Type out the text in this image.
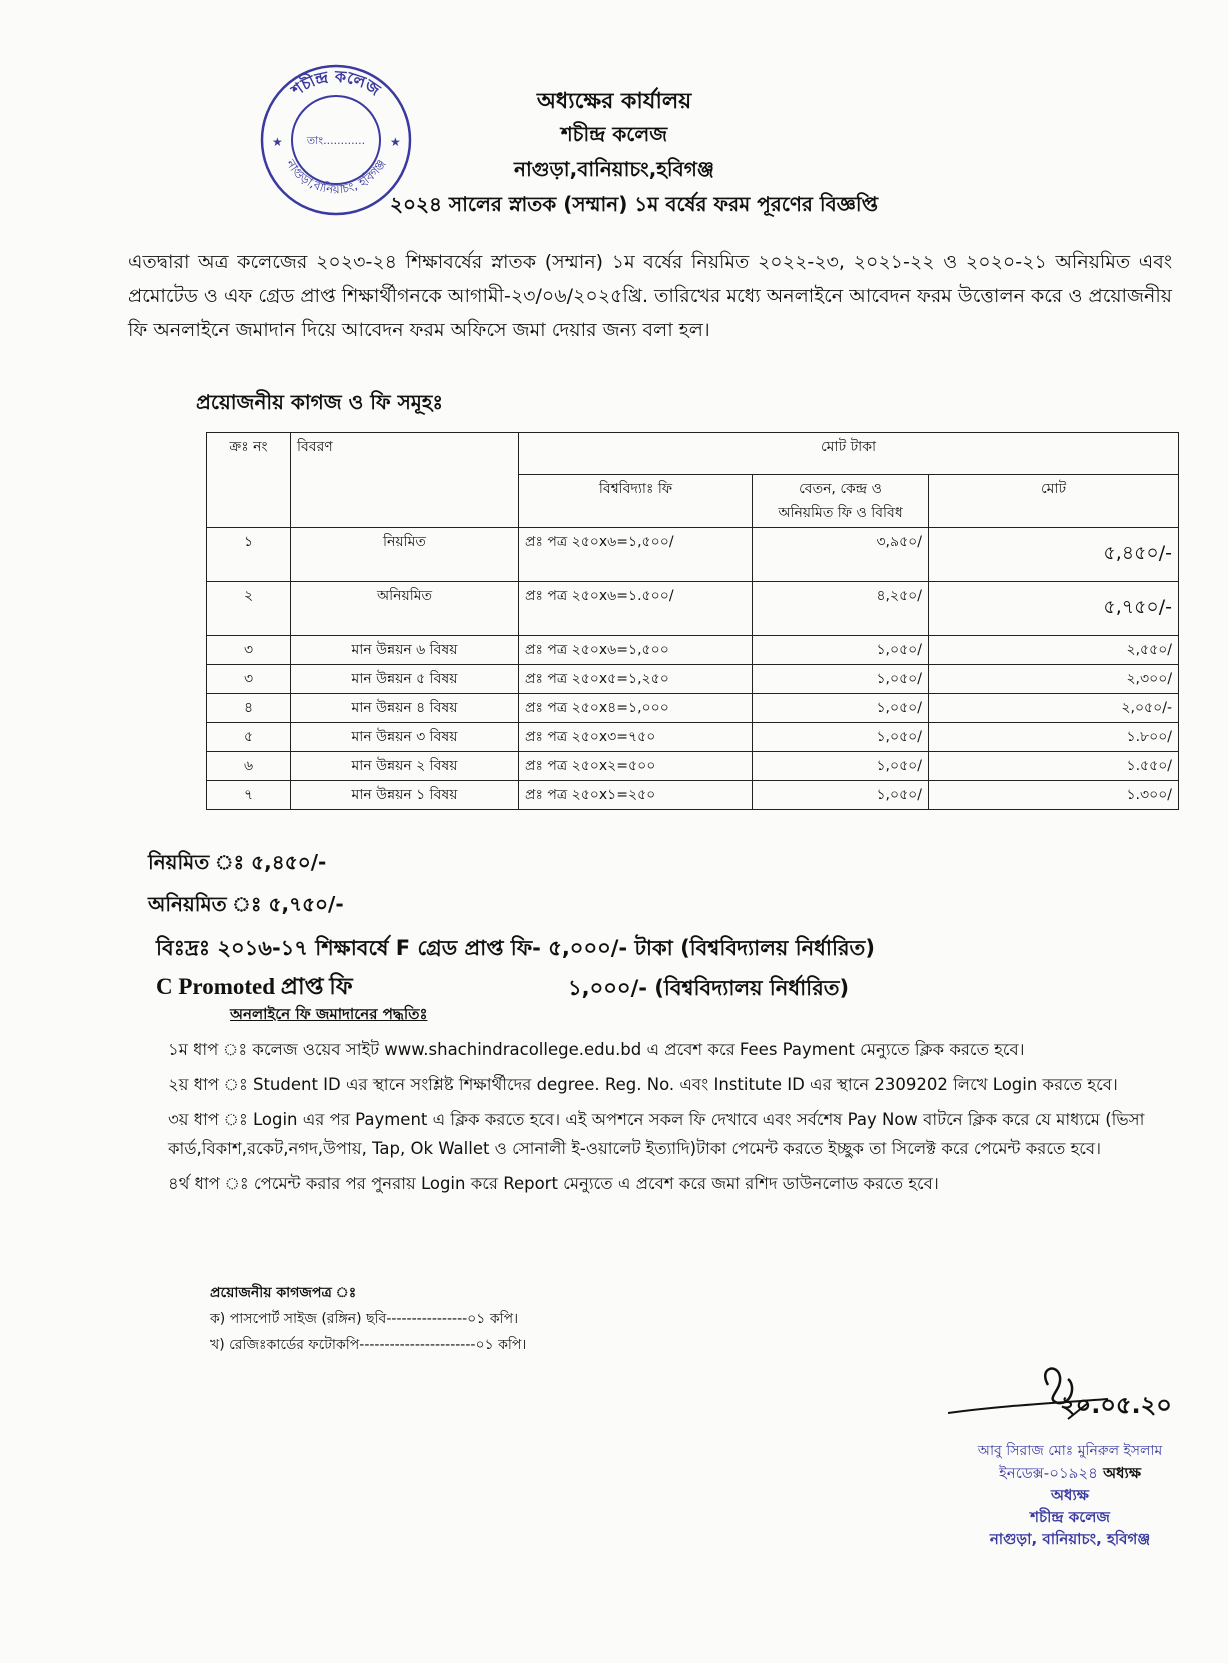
শচীন্দ্র কলেজ
নাগুড়া,বানিয়াচং, হবিগঞ্জ
তাং............
★	★
অধ্যক্ষের কার্যালয়
শচীন্দ্র কলেজ
নাগুড়া,বানিয়াচং,হবিগঞ্জ
২০২৪ সালের স্নাতক (সম্মান) ১ম বর্ষের ফরম পূরণের বিজ্ঞপ্তি
এতদ্বারা অত্র কলেজের ২০২৩-২৪ শিক্ষাবর্ষের স্নাতক (সম্মান) ১ম বর্ষের নিয়মিত ২০২২-২৩, ২০২১-২২ ও ২০২০-২১ অনিয়মিত এবং প্রমোটেড ও এফ গ্রেড প্রাপ্ত শিক্ষার্থীগনকে আগামী-২৩/০৬/২০২৫খ্রি. তারিখের মধ্যে অনলাইনে আবেদন ফরম উত্তোলন করে ও প্রয়োজনীয় ফি অনলাইনে জমাদান দিয়ে আবেদন ফরম অফিসে জমা দেয়ার জন্য বলা হল।
প্রয়োজনীয় কাগজ ও ফি সমূহঃ
ক্রঃ নং	বিবরণ	মোট টাকা		
		বিশ্ববিদ্যাঃ ফি	বেতন, কেন্দ্র ও
অনিয়মিত ফি ও বিবিধ	মোট
১	নিয়মিত	প্রঃ পত্র ২৫০x৬=১,৫০০/	৩,৯৫০/	৫,৪৫০/-
২	অনিয়মিত	প্রঃ পত্র ২৫০x৬=১.৫০০/	৪,২৫০/	৫,৭৫০/-
৩	মান উন্নয়ন ৬ বিষয়	প্রঃ পত্র ২৫০x৬=১,৫০০	১,০৫০/	২,৫৫০/
৩	মান উন্নয়ন ৫ বিষয়	প্রঃ পত্র ২৫০x৫=১,২৫০	১,০৫০/	২,৩০০/
৪	মান উন্নয়ন ৪ বিষয়	প্রঃ পত্র ২৫০x৪=১,০০০	১,০৫০/	২,০৫০/-
৫	মান উন্নয়ন ৩ বিষয়	প্রঃ পত্র ২৫০x৩=৭৫০	১,০৫০/	১.৮০০/
৬	মান উন্নয়ন ২ বিষয়	প্রঃ পত্র ২৫০x২=৫০০	১,০৫০/	১.৫৫০/
৭	মান উন্নয়ন ১ বিষয়	প্রঃ পত্র ২৫০x১=২৫০	১,০৫০/	১.৩০০/
নিয়মিত ঃ ৫,৪৫০/-
অনিয়মিত ঃ ৫,৭৫০/-
বিঃদ্রঃ ২০১৬-১৭ শিক্ষাবর্ষে F গ্রেড প্রাপ্ত ফি- ৫,০০০/- টাকা (বিশ্ববিদ্যালয় নির্ধারিত)
C Promoted প্রাপ্ত ফি	১,০০০/- (বিশ্ববিদ্যালয় নির্ধারিত)
অনলাইনে ফি জমাদানের পদ্ধতিঃ

১ম ধাপ ঃ কলেজ ওয়েব সাইট www.shachindracollege.edu.bd এ প্রবেশ করে Fees Payment মেন্যুতে ক্লিক করতে হবে।

২য় ধাপ ঃ Student ID এর স্থানে সংশ্লিষ্ট শিক্ষার্থীদের degree. Reg. No. এবং Institute ID এর স্থানে 2309202 লিখে Login করতে হবে।

৩য় ধাপ ঃ Login এর পর Payment এ ক্লিক করতে হবে। এই অপশনে সকল ফি দেখাবে এবং সর্বশেষ Pay Now বাটনে ক্লিক করে যে মাধ্যমে (ভিসা কার্ড,বিকাশ,রকেট,নগদ,উপায়, Tap, Ok Wallet ও সোনালী ই-ওয়ালেট ইত্যাদি)টাকা পেমেন্ট করতে ইচ্ছুক তা সিলেক্ট করে পেমেন্ট করতে হবে।

৪র্থ ধাপ ঃ পেমেন্ট করার পর পুনরায় Login করে Report মেন্যুতে এ প্রবেশ করে জমা রশিদ ডাউনলোড করতে হবে।

প্রয়োজনীয় কাগজপত্র ঃ
ক) পাসপোর্ট সাইজ (রঙ্গিন) ছবি----------------০১ কপি।
খ) রেজিঃকার্ডের ফটোকপি-----------------------০১ কপি।
২০.০৫.২০
আবু সিরাজ মোঃ মুনিরুল ইসলাম
ইনডেক্স-০১৯২৪ অধ্যক্ষ
অধ্যক্ষ
শচীন্দ্র কলেজ
নাগুড়া, বানিয়াচং, হবিগঞ্জ
